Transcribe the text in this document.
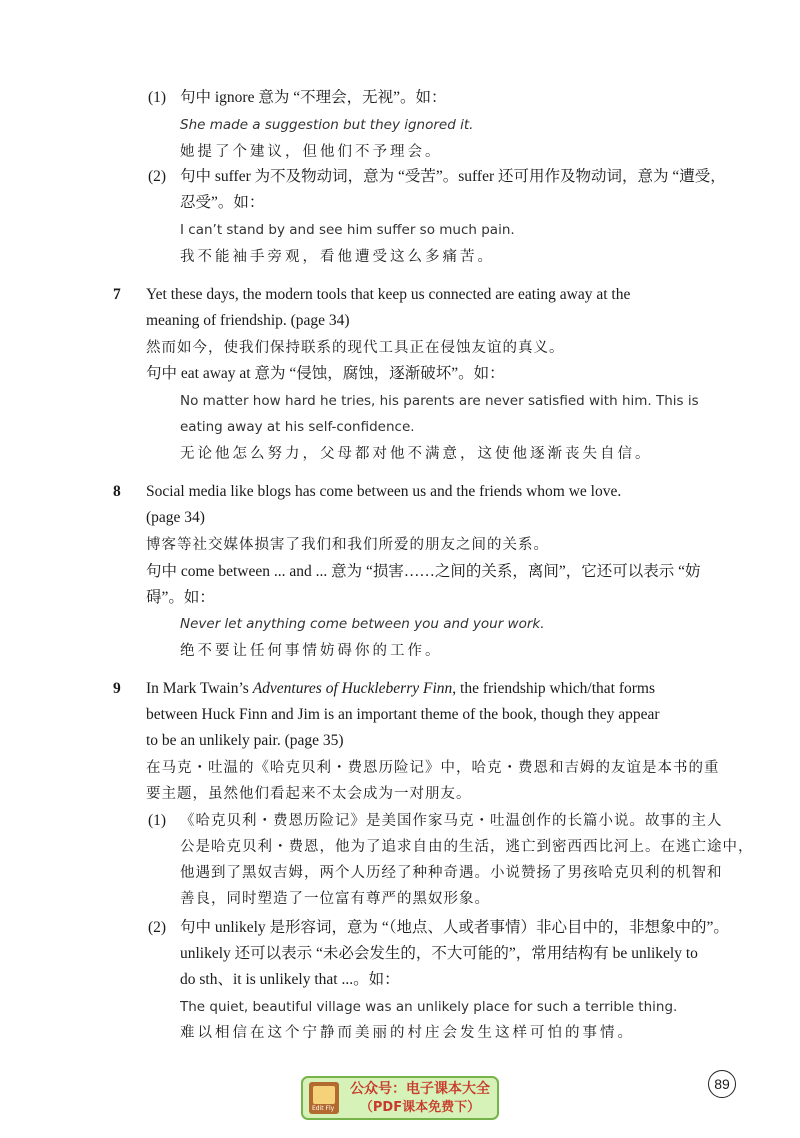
(1) 句中 ignore 意为 “不理会，无视”。如：
She made a suggestion but they ignored it.
她提了个建议，但他们不予理会。
(2) 句中 suffer 为不及物动词，意为 “受苦”。suffer 还可用作及物动词，意为 “遭受，
忍受”。如：
I can’t stand by and see him suffer so much pain.
我不能袖手旁观，看他遭受这么多痛苦。
7 Yet these days, the modern tools that keep us connected are eating away at the
meaning of friendship. (page 34)
然而如今，使我们保持联系的现代工具正在侵蚀友谊的真义。
句中 eat away at 意为 “侵蚀，腐蚀，逐渐破坏”。如：
No matter how hard he tries, his parents are never satisfied with him. This is
eating away at his self-confidence.
无论他怎么努力，父母都对他不满意，这使他逐渐丧失自信。
8 Social media like blogs has come between us and the friends whom we love.
(page 34)
博客等社交媒体损害了我们和我们所爱的朋友之间的关系。
句中 come between ... and ... 意为 “损害……之间的关系，离间”，它还可以表示 “妨
碍”。如：
Never let anything come between you and your work.
绝不要让任何事情妨碍你的工作。
9 In Mark Twain’s Adventures of Huckleberry Finn, the friendship which/that forms
between Huck Finn and Jim is an important theme of the book, though they appear
to be an unlikely pair. (page 35)
在马克・吐温的《哈克贝利・费恩历险记》中，哈克・费恩和吉姆的友谊是本书的重
要主题，虽然他们看起来不太会成为一对朋友。
(1) 《哈克贝利・费恩历险记》是美国作家马克・吐温创作的长篇小说。故事的主人
公是哈克贝利・费恩，他为了追求自由的生活，逃亡到密西西比河上。在逃亡途中，
他遇到了黑奴吉姆，两个人历经了种种奇遇。小说赞扬了男孩哈克贝利的机智和
善良，同时塑造了一位富有尊严的黑奴形象。
(2) 句中 unlikely 是形容词，意为 “（地点、人或者事情）非心目中的，非想象中的”。
unlikely 还可以表示 “未必会发生的，不大可能的”，常用结构有 be unlikely to
do sth、it is unlikely that ...。如：
The quiet, beautiful village was an unlikely place for such a terrible thing.
难以相信在这个宁静而美丽的村庄会发生这样可怕的事情。
Edit Fly
公众号：电子课本大全
（PDF课本免费下）
89
